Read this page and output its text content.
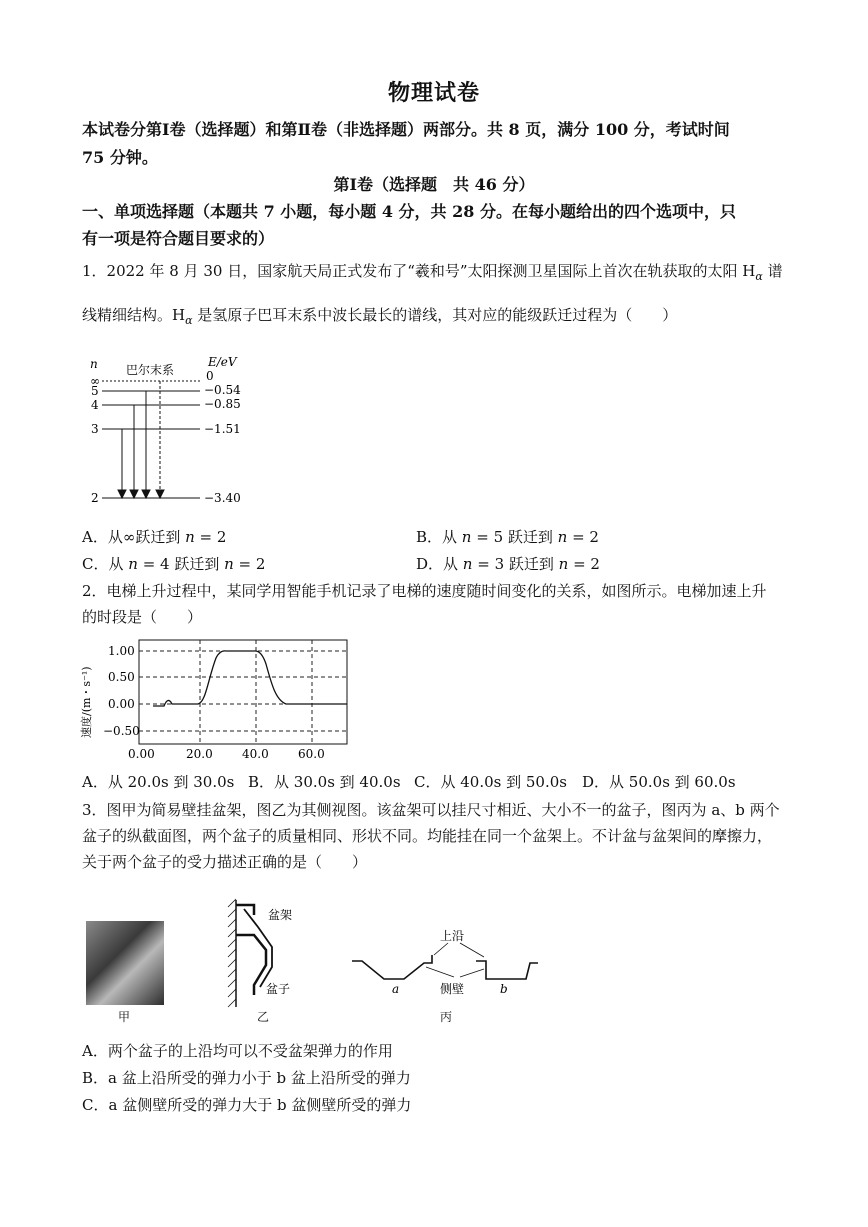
物理试卷
本试卷分第Ⅰ卷（选择题）和第Ⅱ卷（非选择题）两部分。共 8 页，满分 100 分，考试时间
75 分钟。
第Ⅰ卷（选择题　共 46 分）
一、单项选择题（本题共 7 小题，每小题 4 分，共 28 分。在每小题给出的四个选项中，只
有一项是符合题目要求的）
1．2022 年 8 月 30 日，国家航天局正式发布了“羲和号”太阳探测卫星国际上首次在轨获取的太阳 $H_\alpha$ 谱
线精细结构。$H_\alpha$ 是氢原子巴耳末系中波长最长的谱线，其对应的能级跃迁过程为（　　）
n 巴尔末系
E/eV
∞
5
4
3
2
0
−0.54
−0.85
−1.51
−3.40
A．从∞跃迁到 n = 2	B．从 n = 5 跃迁到 n = 2
C．从 n = 4 跃迁到 n = 2	D．从 n = 3 跃迁到 n = 2
2．电梯上升过程中，某同学用智能手机记录了电梯的速度随时间变化的关系，如图所示。电梯加速上升
的时段是（　　）
速度/(m・s⁻¹)
1.00
0.50
0.00
−0.50
0.00	20.0 40.0 60.0
A．从 20.0s 到 30.0s B．从 30.0s 到 40.0s C．从 40.0s 到 50.0s D．从 50.0s 到 60.0s
3．图甲为简易壁挂盆架，图乙为其侧视图。该盆架可以挂尺寸相近、大小不一的盆子，图丙为 a、b 两个
盆子的纵截面图，两个盆子的质量相同、形状不同。均能挂在同一个盆架上。不计盆与盆架间的摩擦力，
关于两个盆子的受力描述正确的是（　　）
甲
盆架
盆子
乙
上沿
侧壁
a	b
丙
A．两个盆子的上沿均可以不受盆架弹力的作用
B．a 盆上沿所受的弹力小于 b 盆上沿所受的弹力
C．a 盆侧壁所受的弹力大于 b 盆侧壁所受的弹力
